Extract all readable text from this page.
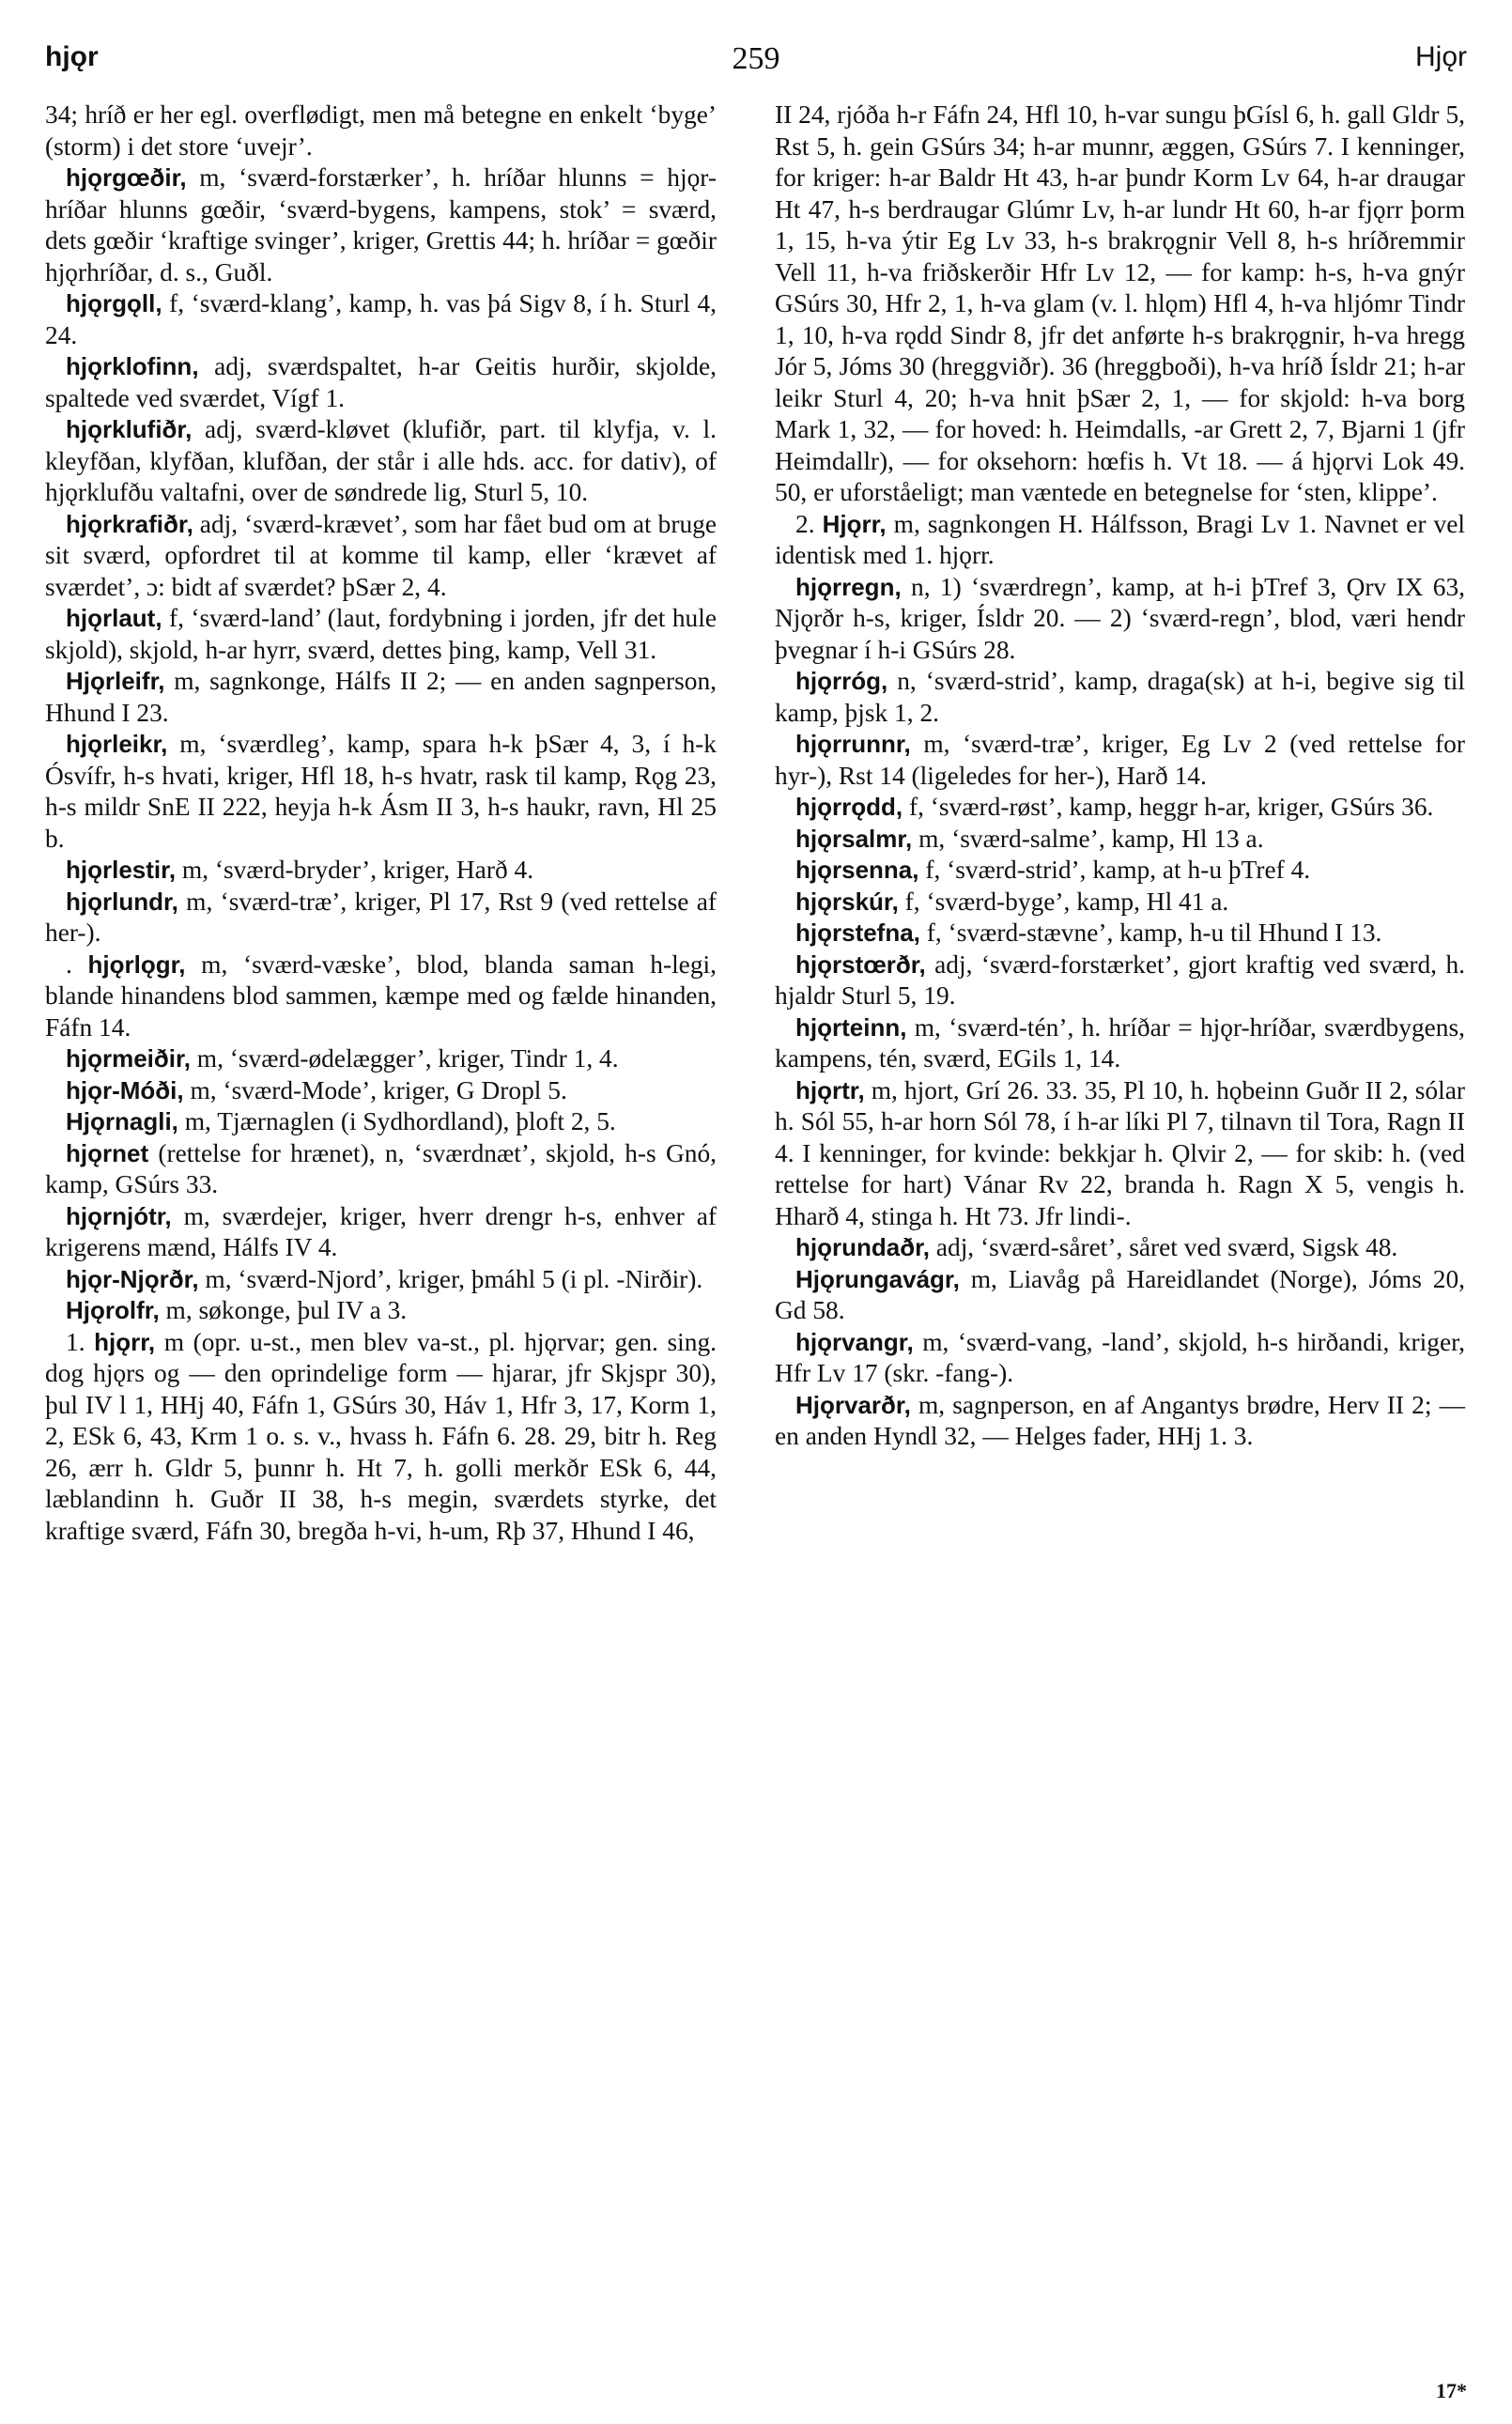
hjǫr	259	Hjǫr

34; hríð er her egl. overflødigt, men må betegne en enkelt ‘byge’ (storm) i det store ‘uvejr’.

hjǫrgœðir, m, ‘sværd-forstærker’, h. hríðar hlunns = hjǫr-hríðar hlunns gœðir, ‘sværd-bygens, kampens, stok’ = sværd, dets gœðir ‘kraftige svinger’, kriger, Grettis 44; h. hríðar = gœðir hjǫrhríðar, d. s., Guðl.

hjǫrgǫll, f, ‘sværd-klang’, kamp, h. vas þá Sigv 8, í h. Sturl 4, 24.

hjǫrklofinn, adj, sværdspaltet, h-ar Geitis hurðir, skjolde, spaltede ved sværdet, Vígf 1.

hjǫrklufiðr, adj, sværd-kløvet (klufiðr, part. til klyfja, v. l. kleyfðan, klyfðan, klufðan, der står i alle hds. acc. for dativ), of hjǫrklufðu valtafni, over de søndrede lig, Sturl 5, 10.

hjǫrkrafiðr, adj, ‘sværd-krævet’, som har fået bud om at bruge sit sværd, opfordret til at komme til kamp, eller ‘krævet af sværdet’, ɔ: bidt af sværdet? þSær 2, 4.

hjǫrlaut, f, ‘sværd-land’ (laut, fordybning i jorden, jfr det hule skjold), skjold, h-ar hyrr, sværd, dettes þing, kamp, Vell 31.

Hjǫrleifr, m, sagnkonge, Hálfs II 2; — en anden sagnperson, Hhund I 23.

hjǫrleikr, m, ‘sværdleg’, kamp, spara h-k þSær 4, 3, í h-k Ósvífr, h-s hvati, kriger, Hfl 18, h-s hvatr, rask til kamp, Rǫg 23, h-s mildr SnE II 222, heyja h-k Ásm II 3, h-s haukr, ravn, Hl 25 b.

hjǫrlestir, m, ‘sværd-bryder’, kriger, Harð 4.

hjǫrlundr, m, ‘sværd-træ’, kriger, Pl 17, Rst 9 (ved rettelse af her-).

. hjǫrlǫgr, m, ‘sværd-væske’, blod, blanda saman h-legi, blande hinandens blod sammen, kæmpe med og fælde hinanden, Fáfn 14.

hjǫrmeiðir, m, ‘sværd-ødelægger’, kriger, Tindr 1, 4.

hjǫr-Móði, m, ‘sværd-Mode’, kriger, G Dropl 5.

Hjǫrnagli, m, Tjærnaglen (i Sydhordland), þloft 2, 5.

hjǫrnet (rettelse for hrænet), n, ‘sværdnæt’, skjold, h-s Gnó, kamp, GSúrs 33.

hjǫrnjótr, m, sværdejer, kriger, hverr drengr h-s, enhver af krigerens mænd, Hálfs IV 4.

hjǫr-Njǫrðr, m, ‘sværd-Njord’, kriger, þmáhl 5 (i pl. -Nirðir).

Hjǫrolfr, m, søkonge, þul IV a 3.

1. hjǫrr, m (opr. u-st., men blev va-st., pl. hjǫrvar; gen. sing. dog hjǫrs og — den oprindelige form — hjarar, jfr Skjspr 30), þul IV l 1, HHj 40, Fáfn 1, GSúrs 30, Háv 1, Hfr 3, 17, Korm 1, 2, ESk 6, 43, Krm 1 o. s. v., hvass h. Fáfn 6. 28. 29, bitr h. Reg 26, ærr h. Gldr 5, þunnr h. Ht 7, h. golli merkðr ESk 6, 44, læblandinn h. Guðr II 38, h-s megin, sværdets styrke, det kraftige sværd, Fáfn 30, bregða h-vi, h-um, Rþ 37, Hhund I 46,

II 24, rjóða h-r Fáfn 24, Hfl 10, h-var sungu þGísl 6, h. gall Gldr 5, Rst 5, h. gein GSúrs 34; h-ar munnr, æggen, GSúrs 7. I kenninger, for kriger: h-ar Baldr Ht 43, h-ar þundr Korm Lv 64, h-ar draugar Ht 47, h-s berdraugar Glúmr Lv, h-ar lundr Ht 60, h-ar fjǫrr þorm 1, 15, h-va ýtir Eg Lv 33, h-s brakrǫgnir Vell 8, h-s hríðremmir Vell 11, h-va friðskerðir Hfr Lv 12, — for kamp: h-s, h-va gnýr GSúrs 30, Hfr 2, 1, h-va glam (v. l. hlǫm) Hfl 4, h-va hljómr Tindr 1, 10, h-va rǫdd Sindr 8, jfr det anførte h-s brakrǫgnir, h-va hregg Jór 5, Jóms 30 (hreggviðr). 36 (hreggboði), h-va hríð Ísldr 21; h-ar leikr Sturl 4, 20; h-va hnit þSær 2, 1, — for skjold: h-va borg Mark 1, 32, — for hoved: h. Heimdalls, -ar Grett 2, 7, Bjarni 1 (jfr Heimdallr), — for oksehorn: hœfis h. Vt 18. — á hjǫrvi Lok 49. 50, er uforståeligt; man væntede en betegnelse for ‘sten, klippe’.

2. Hjǫrr, m, sagnkongen H. Hálfsson, Bragi Lv 1. Navnet er vel identisk med 1. hjǫrr.

hjǫrregn, n, 1) ‘sværdregn’, kamp, at h-i þTref 3, Ǫrv IX 63, Njǫrðr h-s, kriger, Ísldr 20. — 2) ‘sværd-regn’, blod, væri hendr þvegnar í h-i GSúrs 28.

hjǫrróg, n, ‘sværd-strid’, kamp, draga(sk) at h-i, begive sig til kamp, þjsk 1, 2.

hjǫrrunnr, m, ‘sværd-træ’, kriger, Eg Lv 2 (ved rettelse for hyr-), Rst 14 (ligeledes for her-), Harð 14.

hjǫrrǫdd, f, ‘sværd-røst’, kamp, heggr h-ar, kriger, GSúrs 36.

hjǫrsalmr, m, ‘sværd-salme’, kamp, Hl 13 a.

hjǫrsenna, f, ‘sværd-strid’, kamp, at h-u þTref 4.

hjǫrskúr, f, ‘sværd-byge’, kamp, Hl 41 a.

hjǫrstefna, f, ‘sværd-stævne’, kamp, h-u til Hhund I 13.

hjǫrstœrðr, adj, ‘sværd-forstærket’, gjort kraftig ved sværd, h. hjaldr Sturl 5, 19.

hjǫrteinn, m, ‘sværd-tén’, h. hríðar = hjǫr-hríðar, sværdbygens, kampens, tén, sværd, EGils 1, 14.

hjǫrtr, m, hjort, Grí 26. 33. 35, Pl 10, h. hǫbeinn Guðr II 2, sólar h. Sól 55, h-ar horn Sól 78, í h-ar líki Pl 7, tilnavn til Tora, Ragn II 4. I kenninger, for kvinde: bekkjar h. Ǫlvir 2, — for skib: h. (ved rettelse for hart) Vánar Rv 22, branda h. Ragn X 5, vengis h. Hharð 4, stinga h. Ht 73. Jfr lindi-.

hjǫrundaðr, adj, ‘sværd-såret’, såret ved sværd, Sigsk 48.

Hjǫrungavágr, m, Liavåg på Hareidlandet (Norge), Jóms 20, Gd 58.

hjǫrvangr, m, ‘sværd-vang, -land’, skjold, h-s hirðandi, kriger, Hfr Lv 17 (skr. -fang-).

Hjǫrvarðr, m, sagnperson, en af Angantys brødre, Herv II 2; — en anden Hyndl 32, — Helges fader, HHj 1. 3.

17*
